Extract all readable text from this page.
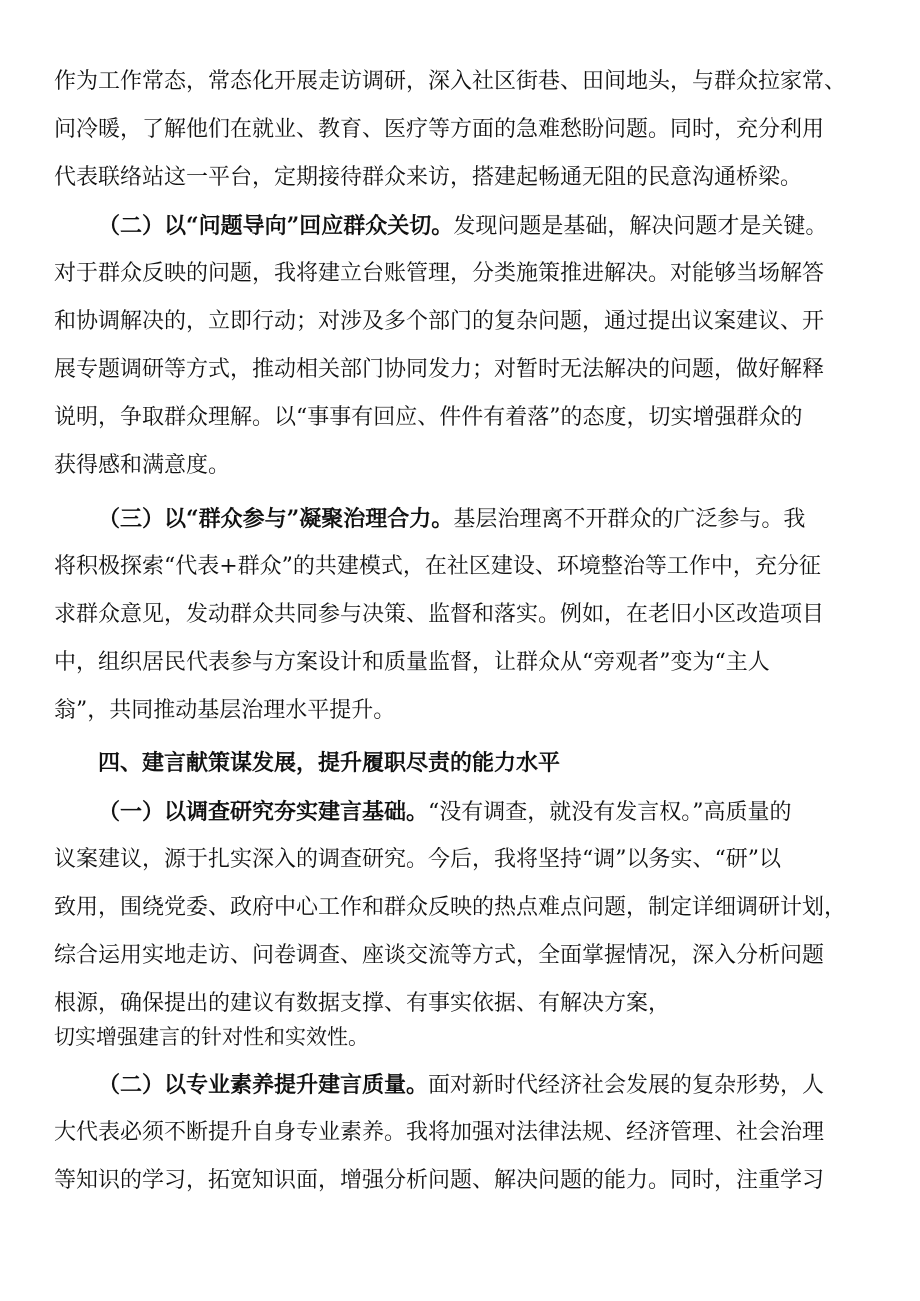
作为工作常态，常态化开展走访调研，深入社区街巷、田间地头，与群众拉家常、
问冷暖，了解他们在就业、教育、医疗等方面的急难愁盼问题。同时，充分利用
代表联络站这一平台，定期接待群众来访，搭建起畅通无阻的民意沟通桥梁。
（二）以“问题导向”回应群众关切。发现问题是基础，解决问题才是关键。
对于群众反映的问题，我将建立台账管理，分类施策推进解决。对能够当场解答
和协调解决的，立即行动；对涉及多个部门的复杂问题，通过提出议案建议、开
展专题调研等方式，推动相关部门协同发力；对暂时无法解决的问题，做好解释
说明，争取群众理解。以“事事有回应、件件有着落”的态度，切实增强群众的
获得感和满意度。
（三）以“群众参与”凝聚治理合力。基层治理离不开群众的广泛参与。我
将积极探索“代表+群众”的共建模式，在社区建设、环境整治等工作中，充分征
求群众意见，发动群众共同参与决策、监督和落实。例如，在老旧小区改造项目
中，组织居民代表参与方案设计和质量监督，让群众从“旁观者”变为“主人
翁”，共同推动基层治理水平提升。
四、建言献策谋发展，提升履职尽责的能力水平
（一）以调查研究夯实建言基础。“没有调查，就没有发言权。”高质量的
议案建议，源于扎实深入的调查研究。今后，我将坚持“调”以务实、“研”以
致用，围绕党委、政府中心工作和群众反映的热点难点问题，制定详细调研计划，
综合运用实地走访、问卷调查、座谈交流等方式，全面掌握情况，深入分析问题
根源，确保提出的建议有数据支撑、有事实依据、有解决方案，
切实增强建言的针对性和实效性。
（二）以专业素养提升建言质量。面对新时代经济社会发展的复杂形势，人
大代表必须不断提升自身专业素养。我将加强对法律法规、经济管理、社会治理
等知识的学习，拓宽知识面，增强分析问题、解决问题的能力。同时，注重学习
